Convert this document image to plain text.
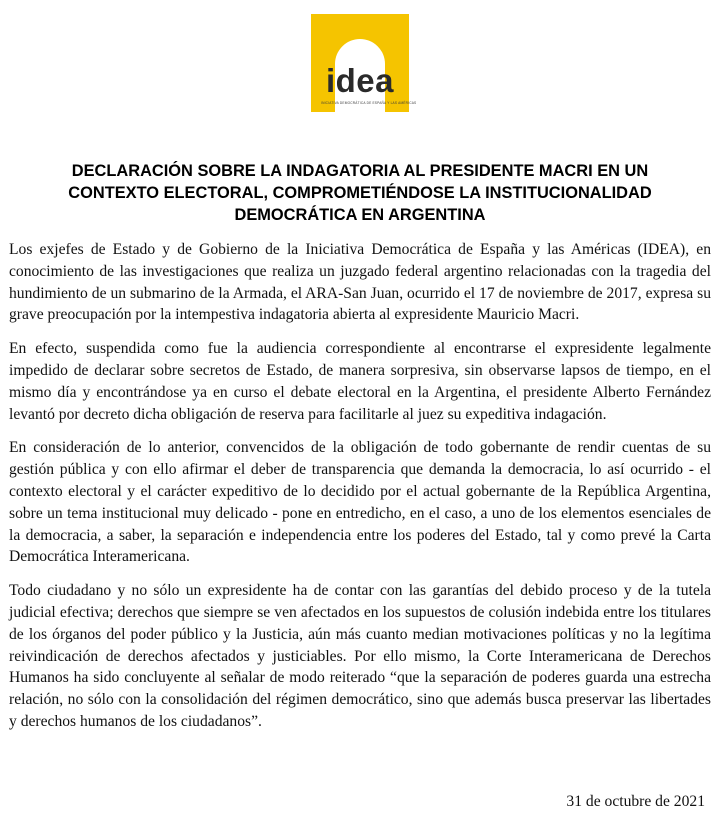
idea
INICIATIVA DEMOCRÁTICA DE ESPAÑA Y LAS AMÉRICAS
DECLARACIÓN SOBRE LA INDAGATORIA AL PRESIDENTE MACRI EN UN
CONTEXTO ELECTORAL, COMPROMETIÉNDOSE LA INSTITUCIONALIDAD
DEMOCRÁTICA EN ARGENTINA

Los exjefes de Estado y de Gobierno de la Iniciativa Democrática de España y las Américas (IDEA), en conocimiento de las investigaciones que realiza un juzgado federal argentino relacionadas con la tragedia del hundimiento de un submarino de la Armada, el ARA-San Juan, ocurrido el 17 de noviembre de 2017, expresa su grave preocupación por la intempestiva indagatoria abierta al expresidente Mauricio Macri.

En efecto, suspendida como fue la audiencia correspondiente al encontrarse el expresidente legalmente impedido de declarar sobre secretos de Estado, de manera sorpresiva, sin observarse lapsos de tiempo, en el mismo día y encontrándose ya en curso el debate electoral en la Argentina, el presidente Alberto Fernández levantó por decreto dicha obligación de reserva para facilitarle al juez su expeditiva indagación.

En consideración de lo anterior, convencidos de la obligación de todo gobernante de rendir cuentas de su gestión pública y con ello afirmar el deber de transparencia que demanda la democracia, lo así ocurrido - el contexto electoral y el carácter expeditivo de lo decidido por el actual gobernante de la República Argentina, sobre un tema institucional muy delicado - pone en entredicho, en el caso, a uno de los elementos esenciales de la democracia, a saber, la separación e independencia entre los poderes del Estado, tal y como prevé la Carta Democrática Interamericana.

Todo ciudadano y no sólo un expresidente ha de contar con las garantías del debido proceso y de la tutela judicial efectiva; derechos que siempre se ven afectados en los supuestos de colusión indebida entre los titulares de los órganos del poder público y la Justicia, aún más cuanto median motivaciones políticas y no la legítima reivindicación de derechos afectados y justiciables. Por ello mismo, la Corte Interamericana de Derechos Humanos ha sido concluyente al señalar de modo reiterado “que la separación de poderes guarda una estrecha relación, no sólo con la consolidación del régimen democrático, sino que además busca preservar las libertades y derechos humanos de los ciudadanos”.

31 de octubre de 2021
